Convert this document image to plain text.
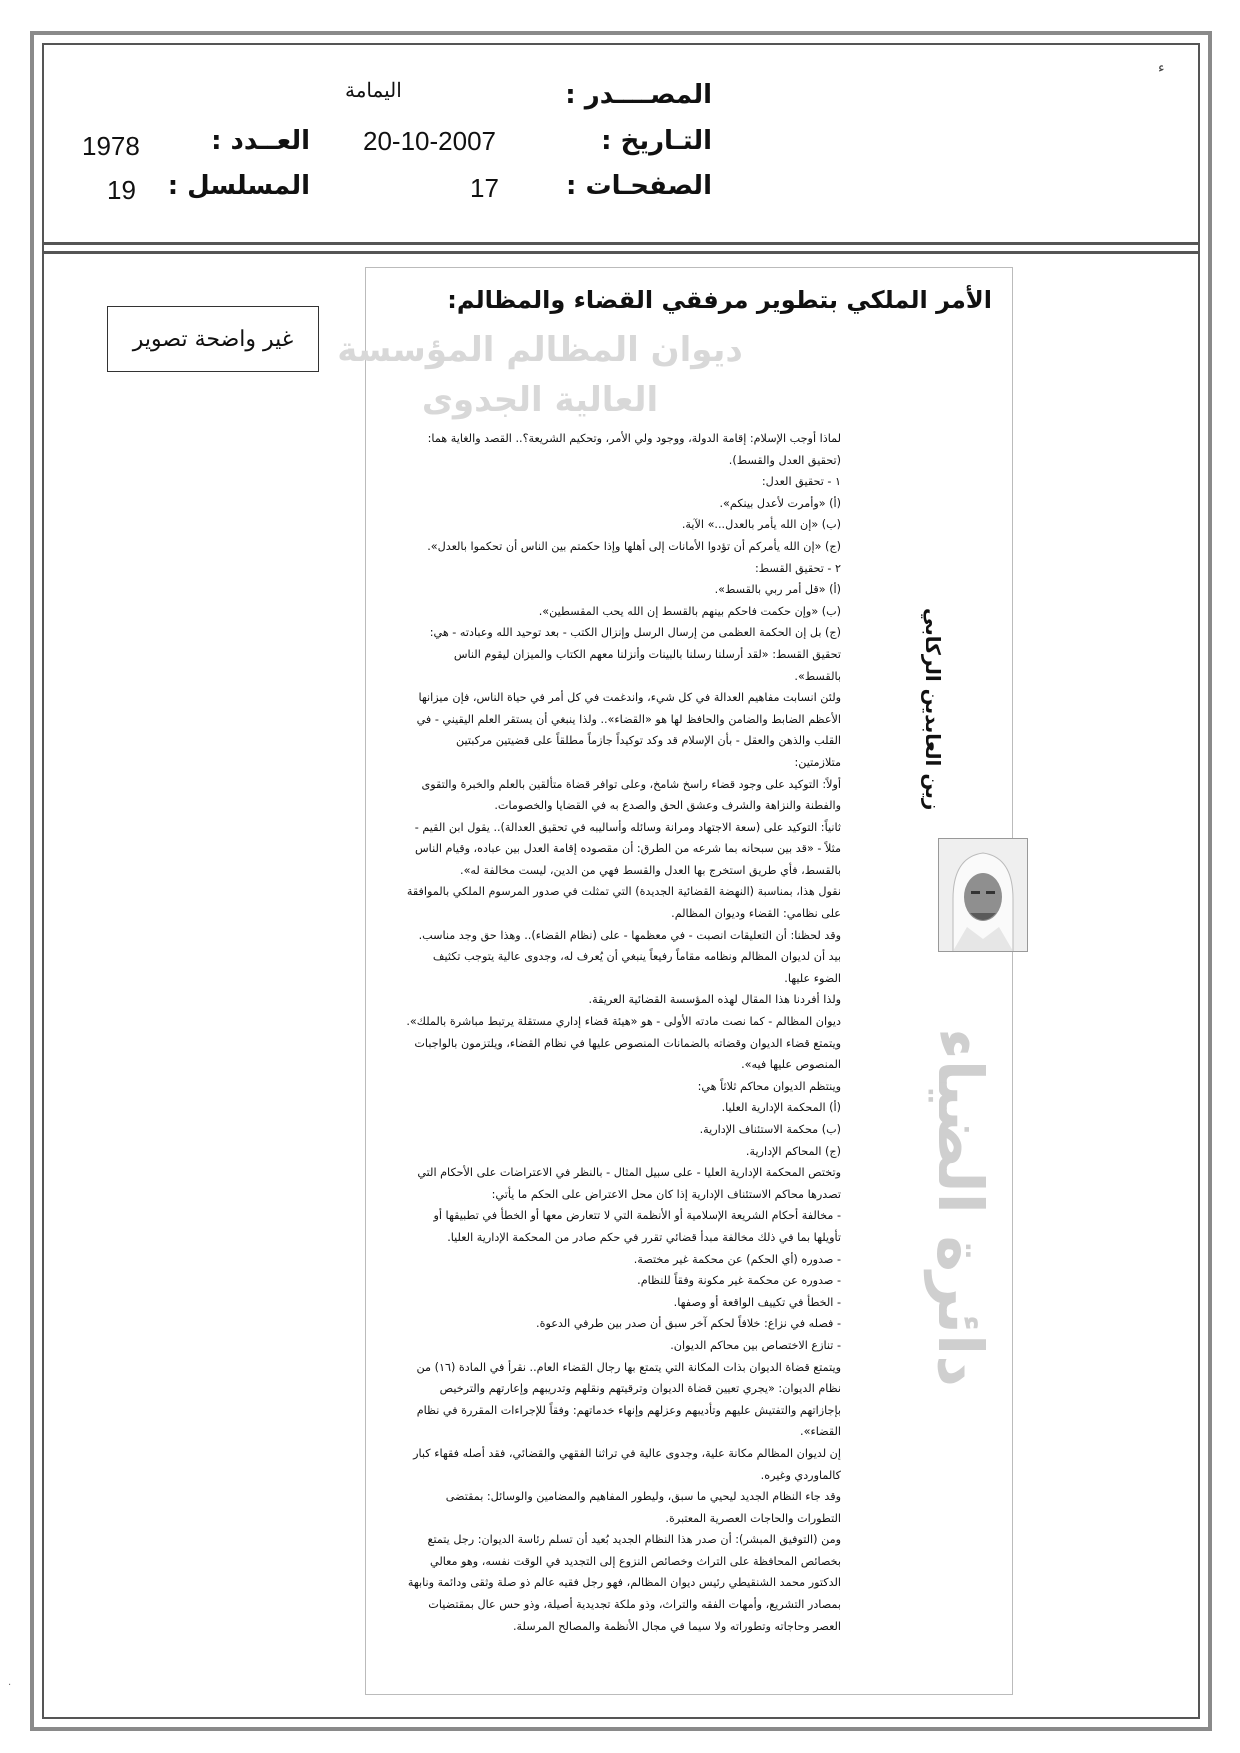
ء
المصــــدر :
اليمامة
التـاريخ :
20-10-2007
الصفحـات :
17
العــدد :
1978
المسلسل :
19
غير واضحة تصوير
الأمر الملكي بتطوير مرفقي القضاء والمظالم:
ديوان المظالم المؤسسة
العالية الجدوى

لماذا أوجب الإسلام: إقامة الدولة، ووجود ولي الأمر، وتحكيم الشريعة؟.. القصد والغاية هما: (تحقيق العدل والقسط).

١ - تحقيق العدل:

(أ) «وأمرت لأعدل بينكم».

(ب) «إن الله يأمر بالعدل...» الآية.

(ج) «إن الله يأمركم أن تؤدوا الأمانات إلى أهلها وإذا حكمتم بين الناس أن تحكموا بالعدل».

٢ - تحقيق القسط:

(أ) «قل أمر ربي بالقسط».

(ب) «وإن حكمت فاحكم بينهم بالقسط إن الله يحب المقسطين».

(ج) بل إن الحكمة العظمى من إرسال الرسل وإنزال الكتب - بعد توحيد الله وعبادته - هي: تحقيق القسط: «لقد أرسلنا رسلنا بالبينات وأنزلنا معهم الكتاب والميزان ليقوم الناس بالقسط».

ولئن انسابت مفاهيم العدالة في كل شيء، واندغمت في كل أمر في حياة الناس، فإن ميزانها الأعظم الضابط والضامن والحافظ لها هو «القضاء».. ولذا ينبغي أن يستقر العلم اليقيني - في القلب والذهن والعقل - بأن الإسلام قد وكد توكيداً جازماً مطلقاً على قضيتين مركبتين متلازمتين:

أولاً: التوكيد على وجود قضاء راسخ شامخ، وعلى توافر قضاة متألقين بالعلم والخبرة والتقوى والفطنة والنزاهة والشرف وعشق الحق والصدع به في القضايا والخصومات.

ثانياً: التوكيد على (سعة الاجتهاد ومرانة وسائله وأساليبه في تحقيق العدالة).. يقول ابن القيم - مثلاً - «قد بين سبحانه بما شرعه من الطرق: أن مقصوده إقامة العدل بين عباده، وقيام الناس بالقسط، فأي طريق استخرج بها العدل والقسط فهي من الدين، ليست مخالفة له».

نقول هذا، بمناسبة (النهضة القضائية الجديدة) التي تمثلت في صدور المرسوم الملكي بالموافقة على نظامي: القضاء وديوان المظالم.

وقد لحظنا: أن التعليقات انصبت - في معظمها - على (نظام القضاء).. وهذا حق وجد مناسب. بيد أن لديوان المظالم ونظامه مقاماً رفيعاً ينبغي أن يُعرف له، وجدوى عالية يتوجب تكثيف الضوء عليها.

ولذا أفردنا هذا المقال لهذه المؤسسة القضائية العريقة.

ديوان المظالم - كما نصت مادته الأولى - هو «هيئة قضاء إداري مستقلة يرتبط مباشرة بالملك». ويتمتع قضاء الديوان وقضاته بالضمانات المنصوص عليها في نظام القضاء، ويلتزمون بالواجبات المنصوص عليها فيه».

وينتظم الديوان محاكم ثلاثاً هي:

(أ) المحكمة الإدارية العليا.

(ب) محكمة الاستئناف الإدارية.

(ج) المحاكم الإدارية.

وتختص المحكمة الإدارية العليا - على سبيل المثال - بالنظر في الاعتراضات على الأحكام التي تصدرها محاكم الاستئناف الإدارية إذا كان محل الاعتراض على الحكم ما يأتي:

- مخالفة أحكام الشريعة الإسلامية أو الأنظمة التي لا تتعارض معها أو الخطأ في تطبيقها أو تأويلها بما في ذلك مخالفة مبدأ قضائي تقرر في حكم صادر من المحكمة الإدارية العليا.

- صدوره (أي الحكم) عن محكمة غير مختصة.

- صدوره عن محكمة غير مكونة وفقاً للنظام.

- الخطأ في تكييف الواقعة أو وصفها.

- فصله في نزاع: خلافاً لحكم آخر سبق أن صدر بين طرفي الدعوة.

- تنازع الاختصاص بين محاكم الديوان.

ويتمتع قضاة الديوان بذات المكانة التي يتمتع بها رجال القضاء العام.. نقرأ في المادة (١٦) من نظام الديوان: «يجري تعيين قضاة الديوان وترقيتهم ونقلهم وتدريبهم وإعارتهم والترخيص بإجازاتهم والتفتيش عليهم وتأديبهم وعزلهم وإنهاء خدماتهم: وفقاً للإجراءات المقررة في نظام القضاء».

إن لديوان المظالم مكانة علية، وجدوى عالية في تراثنا الفقهي والقضائي، فقد أصله فقهاء كبار كالماوردي وغيره.

وقد جاء النظام الجديد ليحيي ما سبق، وليطور المفاهيم والمضامين والوسائل: بمقتضى التطورات والحاجات العصرية المعتبرة.

ومن (التوفيق المبشر): أن صدر هذا النظام الجديد بُعيد أن تسلم رئاسة الديوان: رجل يتمتع بخصائص المحافظة على التراث وخصائص النزوع إلى التجديد في الوقت نفسه، وهو معالي الدكتور محمد الشنقيطي رئيس ديوان المظالم، فهو رجل فقيه عالم ذو صلة وثقى ودائمة ونابهة بمصادر التشريع، وأمهات الفقه والتراث، وذو ملكة تجديدية أصيلة، وذو حس عال بمقتضيات العصر وحاجاته وتطوراته ولا سيما في مجال الأنظمة والمصالح المرسلة.

زين العابدين الركابي
دائرة الضياء
·
